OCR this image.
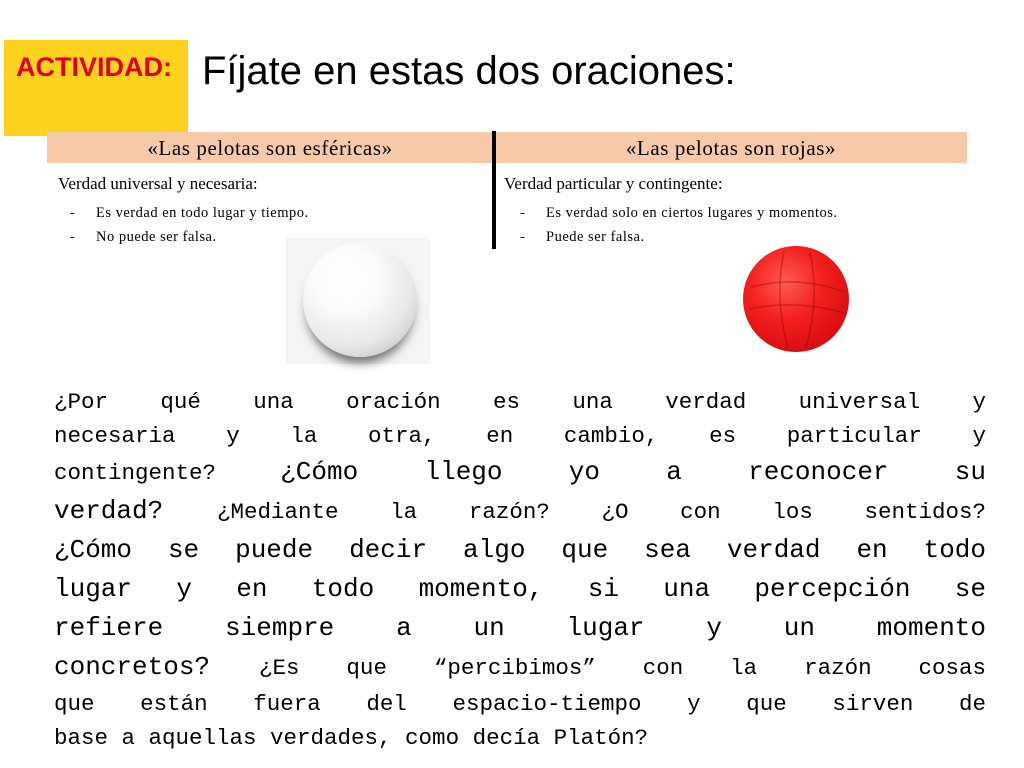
ACTIVIDAD: Fíjate en estas dos oraciones:
«Las pelotas son esféricas»	«Las pelotas son rojas»
Verdad universal y necesaria:	Verdad particular y contingente:
- Es verdad en todo lugar y tiempo.
- No puede ser falsa.
- Es verdad solo en ciertos lugares y momentos.
- Puede ser falsa.
¿Por qué una oración es una verdad universal y
necesaria y la otra, en cambio, es particular y
contingente? ¿Cómo llego yo a reconocer su
verdad? ¿Mediante la razón? ¿O con los sentidos?
¿Cómo se puede decir algo que sea verdad en todo
lugar y en todo momento, si una percepción se
refiere siempre a un lugar y un momento
concretos? ¿Es que “percibimos” con la razón cosas
que están fuera del espacio-tiempo y que sirven de
base a aquellas verdades, como decía Platón?
